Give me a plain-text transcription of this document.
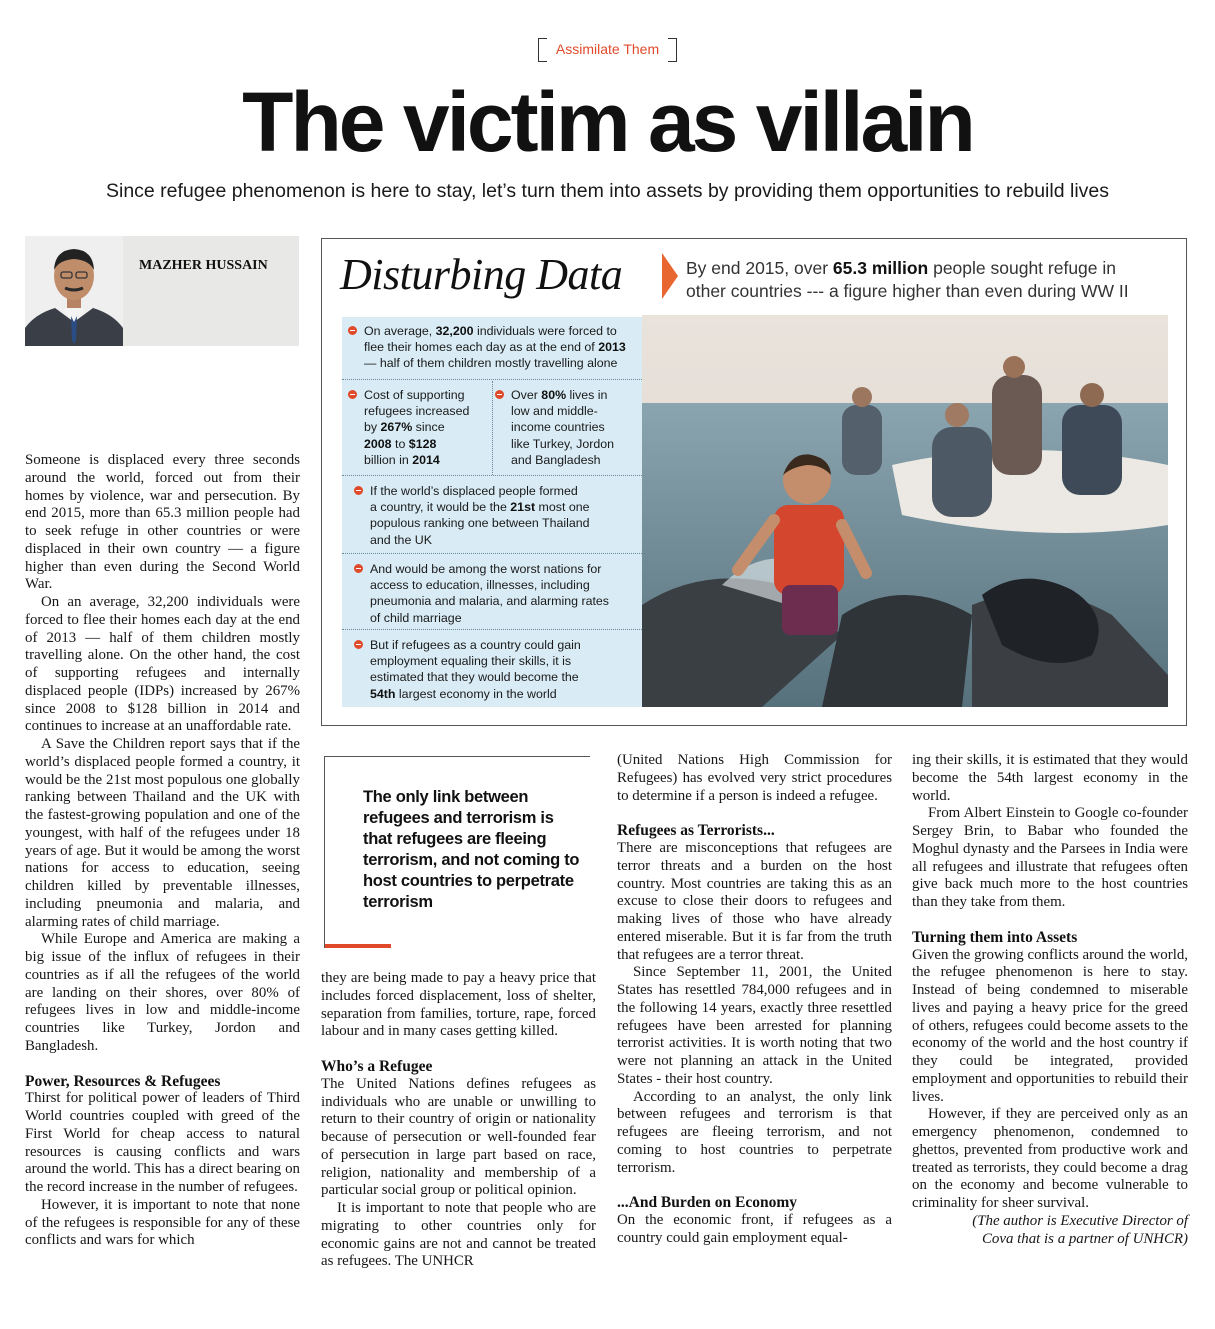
Assimilate Them
The victim as villain
Since refugee phenomenon is here to stay, let’s turn them into assets by providing them opportunities to rebuild lives
MAZHER HUSSAIN Disturbing Data	By end 2015, over 65.3 million people sought refuge in
other countries --- a figure higher than even during WW II
On average, 32,200 individuals were forced to
flee their homes each day as at the end of 2013
— half of them children mostly travelling alone
Cost of supporting
refugees increased
by 267% since
2008 to $128
billion in 2014
Over 80% lives in
low and middle-
income countries
like Turkey, Jordon
and Bangladesh
If the world’s displaced people formed
a country, it would be the 21st most one
populous ranking one between Thailand
and the UK
And would be among the worst nations for
access to education, illnesses, including
pneumonia and malaria, and alarming rates
of child marriage
But if refugees as a country could gain
employment equaling their skills, it is
estimated that they would become the
54th largest economy in the world

Someone is displaced every three seconds around the world, forced out from their homes by violence, war and persecution. By end 2015, more than 65.3 million people had to seek refuge in other countries or were displaced in their own country — a figure higher than even during the Second World War.

On an average, 32,200 individuals were forced to flee their homes each day at the end of 2013 — half of them children mostly travelling alone. On the other hand, the cost of supporting refugees and internally displaced people (IDPs) increased by 267% since 2008 to $128 billion in 2014 and continues to increase at an unaffordable rate.

A Save the Children report says that if the world’s displaced people formed a country, it would be the 21st most populous one globally ranking between Thailand and the UK with the fastest-growing population and one of the youngest, with half of the refugees under 18 years of age. But it would be among the worst nations for access to education, seeing children killed by preventable illnesses, including pneumonia and malaria, and alarming rates of child marriage.

While Europe and America are making a big issue of the influx of refugees in their countries as if all the refugees of the world are landing on their shores, over 80% of refugees lives in low and middle-income countries like Turkey, Jordon and Bangladesh.

Power, Resources & Refugees

Thirst for political power of leaders of Third World countries coupled with greed of the First World for cheap access to natural resources is causing conflicts and wars around the world. This has a direct bearing on the record increase in the number of refugees.

However, it is important to note that none of the refugees is responsible for any of these conflicts and wars for which

The only link between refugees and terrorism is that refugees are fleeing terrorism, and not coming to host countries to perpetrate terrorism

they are being made to pay a heavy price that includes forced displacement, loss of shelter, separation from families, torture, rape, forced labour and in many cases getting killed.

Who’s a Refugee

The United Nations defines refugees as individuals who are unable or unwilling to return to their country of origin or nationality because of persecution or well-founded fear of persecution in large part based on race, religion, nationality and membership of a particular social group or political opinion.

It is important to note that people who are migrating to other countries only for economic gains are not and cannot be treated as refugees. The UNHCR

(United Nations High Commission for Refugees) has evolved very strict procedures to determine if a person is indeed a refugee.

Refugees as Terrorists...

There are misconceptions that refugees are terror threats and a burden on the host country. Most countries are taking this as an excuse to close their doors to refugees and making lives of those who have already entered miserable. But it is far from the truth that refugees are a terror threat.

Since September 11, 2001, the United States has resettled 784,000 refugees and in the following 14 years, exactly three resettled refugees have been arrested for planning terrorist activities. It is worth noting that two were not planning an attack in the United States - their host country.

According to an analyst, the only link between refugees and terrorism is that refugees are fleeing terrorism, and not coming to host countries to perpetrate terrorism.

...And Burden on Economy

On the economic front, if refugees as a country could gain employment equal-

ing their skills, it is estimated that they would become the 54th largest economy in the world.

From Albert Einstein to Google co-founder Sergey Brin, to Babar who founded the Moghul dynasty and the Parsees in India were all refugees and illustrate that refugees often give back much more to the host countries than they take from them.

Turning them into Assets

Given the growing conflicts around the world, the refugee phenomenon is here to stay. Instead of being condemned to miserable lives and paying a heavy price for the greed of others, refugees could become assets to the economy of the world and the host country if they could be integrated, provided employment and opportunities to rebuild their lives.

However, if they are perceived only as an emergency phenomenon, condemned to ghettos, prevented from productive work and treated as terrorists, they could become a drag on the economy and become vulnerable to criminality for sheer survival.

(The author is Executive Director of
Cova that is a partner of UNHCR)
